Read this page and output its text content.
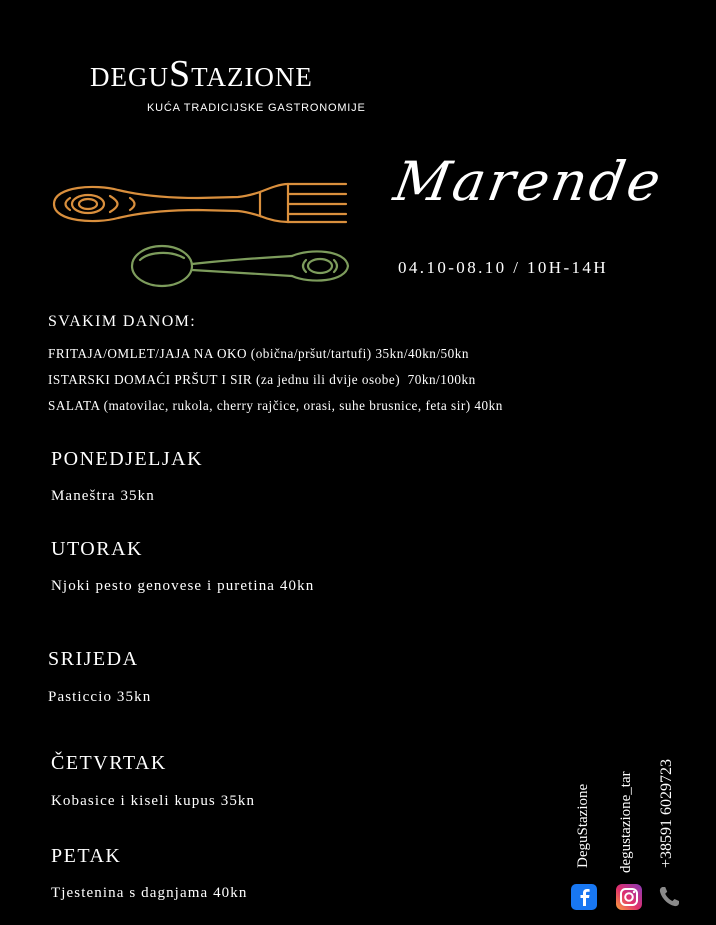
deguStazione
KUĆA TRADICIJSKE GASTRONOMIJE
Marende
04.10-08.10 / 10H-14H
SVAKIM DANOM:
FRITAJA/OMLET/JAJA NA OKO (obična/pršut/tartufi) 35kn/40kn/50kn
ISTARSKI DOMAĆI PRŠUT I SIR (za jednu ili dvije osobe)  70kn/100kn
SALATA (matovilac, rukola, cherry rajčice, orasi, suhe brusnice, feta sir) 40kn
PONEDJELJAK
Maneštra 35kn
UTORAK
Njoki pesto genovese i puretina 40kn
SRIJEDA
Pasticcio 35kn
ČETVRTAK
Kobasice i kiseli kupus 35kn
PETAK
Tjestenina s dagnjama 40kn
DeguStazione degustazione_tar +38591 6029723
